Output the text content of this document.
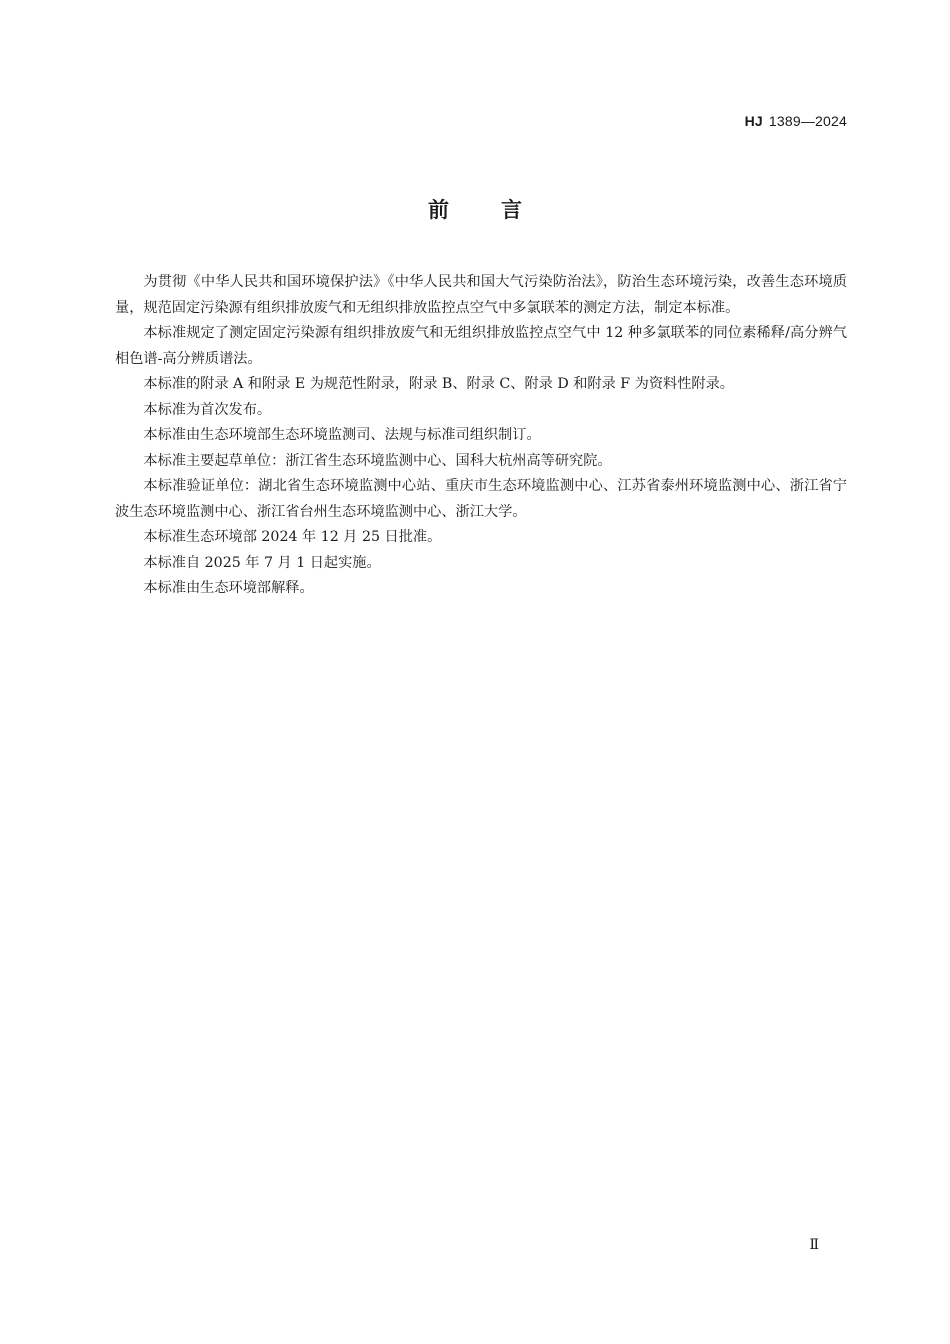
HJ 1389—2024
前言

为贯彻《中华人民共和国环境保护法》《中华人民共和国大气污染防治法》，防治生态环境污染，改善生态环境质量，规范固定污染源有组织排放废气和无组织排放监控点空气中多氯联苯的测定方法，制定本标准。

本标准规定了测定固定污染源有组织排放废气和无组织排放监控点空气中 12 种多氯联苯的同位素稀释/高分辨气相色谱-高分辨质谱法。

本标准的附录 A 和附录 E 为规范性附录，附录 B、附录 C、附录 D 和附录 F 为资料性附录。

本标准为首次发布。

本标准由生态环境部生态环境监测司、法规与标准司组织制订。

本标准主要起草单位：浙江省生态环境监测中心、国科大杭州高等研究院。

本标准验证单位：湖北省生态环境监测中心站、重庆市生态环境监测中心、江苏省泰州环境监测中心、浙江省宁波生态环境监测中心、浙江省台州生态环境监测中心、浙江大学。

本标准生态环境部 2024 年 12 月 25 日批准。

本标准自 2025 年 7 月 1 日起实施。

本标准由生态环境部解释。

Ⅱ
